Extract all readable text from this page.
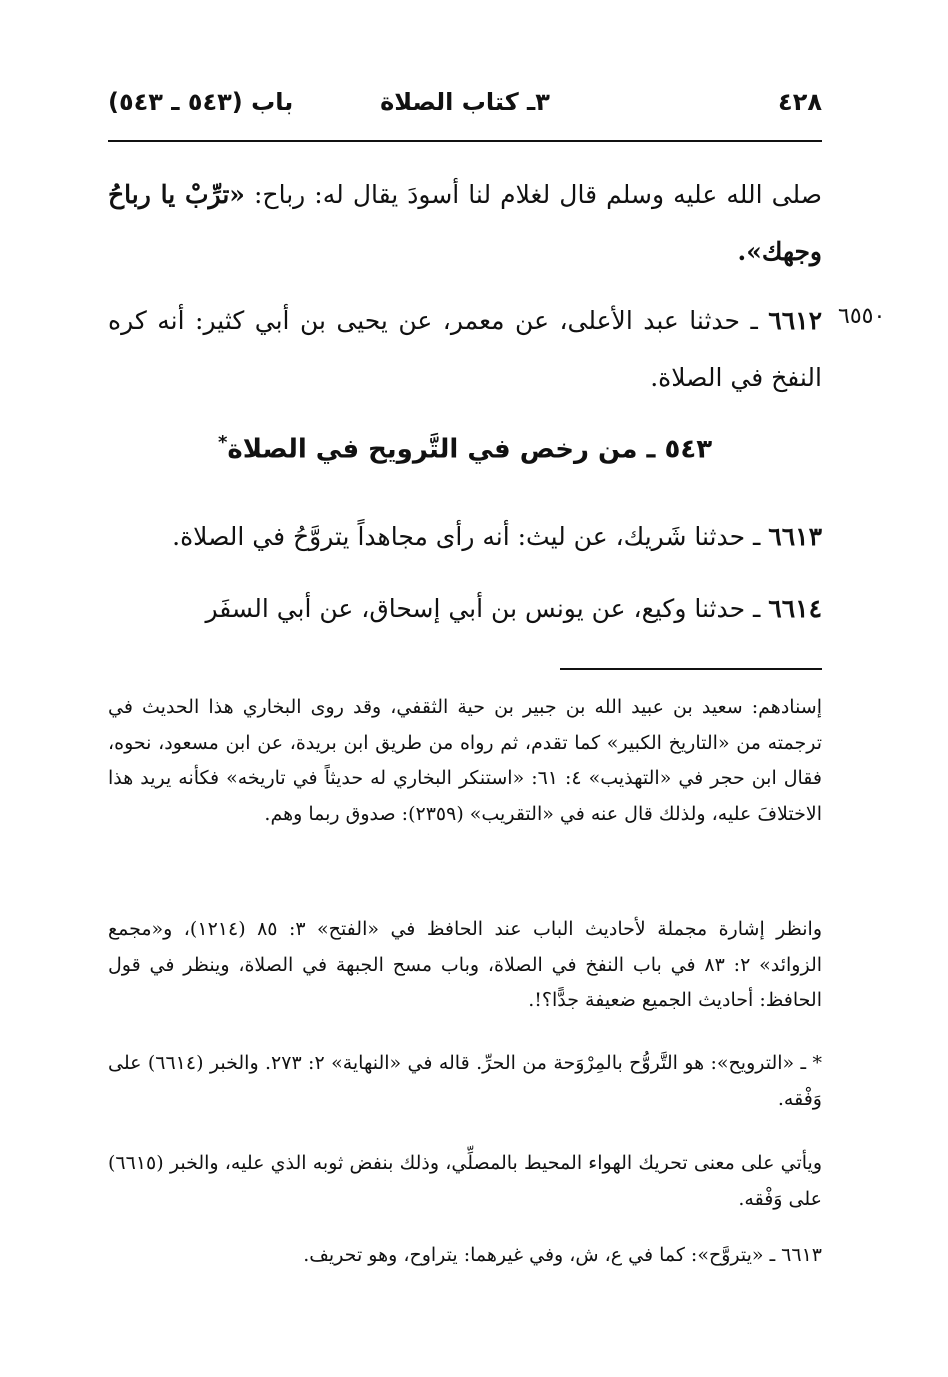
٤٢٨
٣ـ كتاب الصلاة
باب (٥٤٣ ـ ٥٤٣)
صلى الله عليه وسلم قال لغلام لنا أسودَ يقال له: رباح: «ترِّبْ يا رباحُ وجهك».
٦٥٥٠
٦٦١٢ ـ حدثنا عبد الأعلى، عن معمر، عن يحيى بن أبي كثير: أنه كره النفخ في الصلاة.
٥٤٣ ـ من رخص في التَّرويح في الصلاة*
٦٦١٣ ـ حدثنا شَريك، عن ليث: أنه رأى مجاهداً يتروَّحُ في الصلاة.
٦٦١٤ ـ حدثنا وكيع، عن يونس بن أبي إسحاق، عن أبي السفَر
إسنادهم: سعيد بن عبيد الله بن جبير بن حية الثقفي، وقد روى البخاري هذا الحديث في ترجمته من «التاريخ الكبير» كما تقدم، ثم رواه من طريق ابن بريدة، عن ابن مسعود، نحوه، فقال ابن حجر في «التهذيب» ٤: ٦١: «استنكر البخاري له حديثاً في تاريخه» فكأنه يريد هذا الاختلافَ عليه، ولذلك قال عنه في «التقريب» (٢٣٥٩): صدوق ربما وهم.
وانظر إشارة مجملة لأحاديث الباب عند الحافظ في «الفتح» ٣: ٨٥ (١٢١٤)، و«مجمع الزوائد» ٢: ٨٣ في باب النفخ في الصلاة، وباب مسح الجبهة في الصلاة، وينظر في قول الحافظ: أحاديث الجميع ضعيفة جدًّا؟!.
* ـ «الترويح»: هو التَّروُّح بالمِرْوَحة من الحرِّ. قاله في «النهاية» ٢: ٢٧٣. والخبر (٦٦١٤) على وَفْقه.
ويأتي على معنى تحريك الهواء المحيط بالمصلِّي، وذلك بنفض ثوبه الذي عليه، والخبر (٦٦١٥) على وَفْقه.
٦٦١٣ ـ «يتروَّح»: كما في ع، ش، وفي غيرهما: يتراوح، وهو تحريف.
